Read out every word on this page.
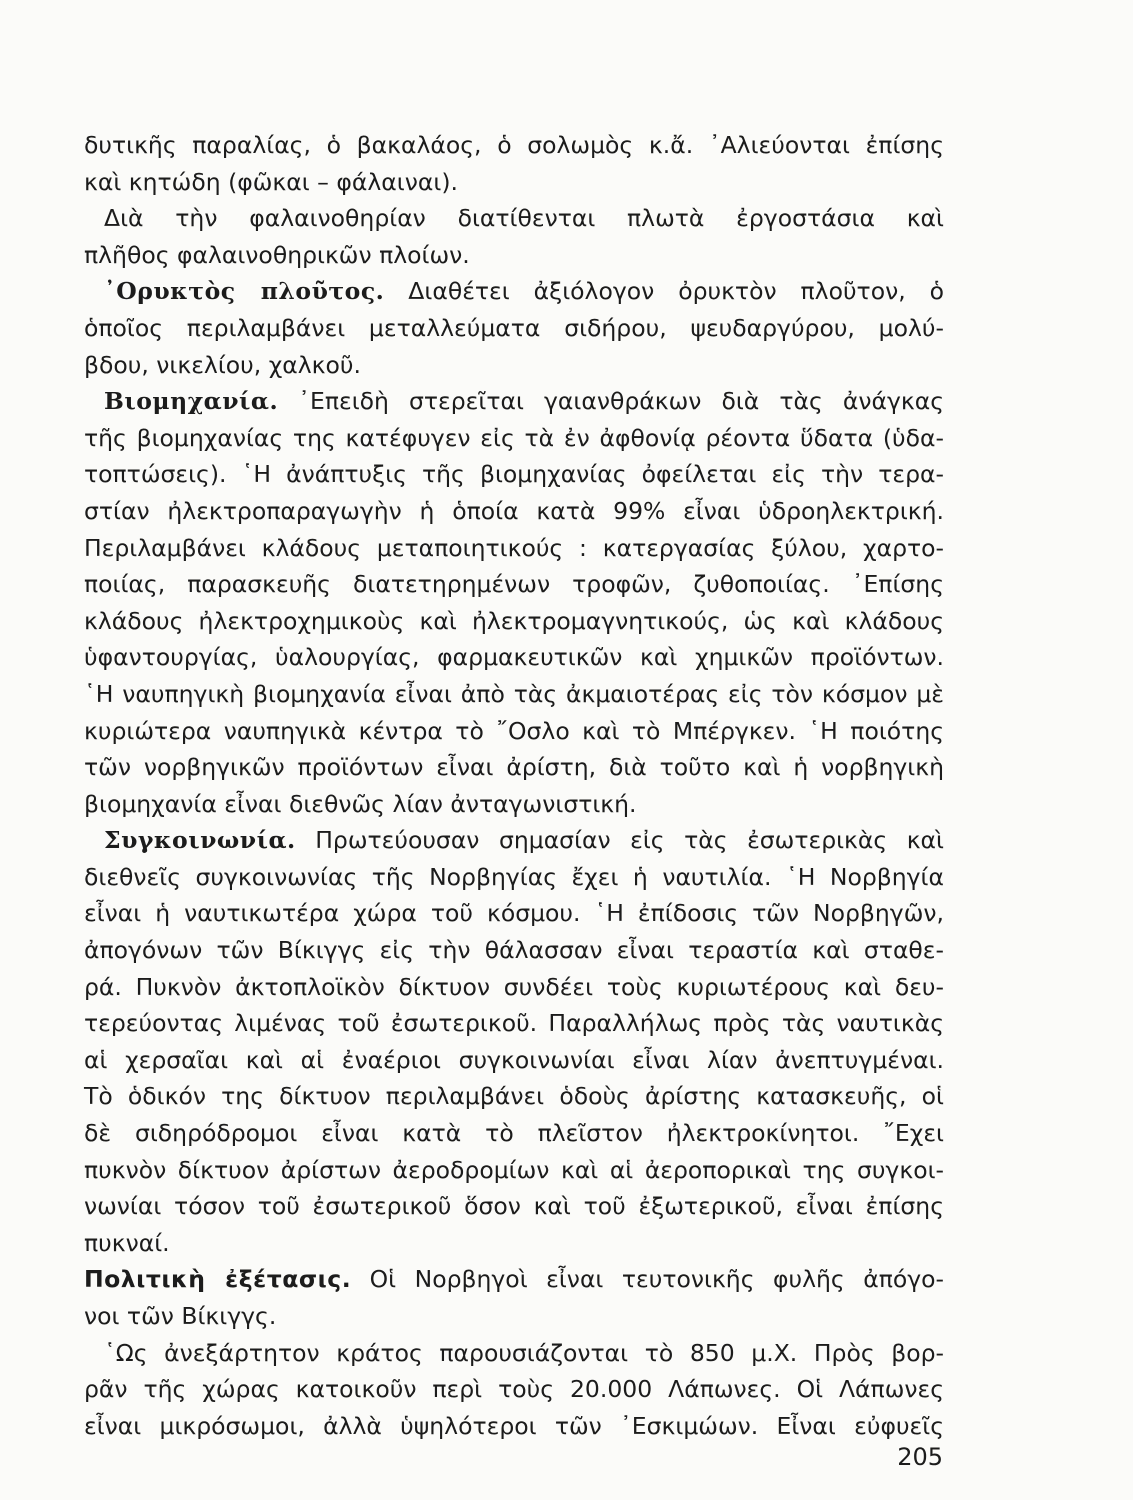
δυτικῆς παραλίας, ὁ βακαλάος, ὁ σολωμὸς κ.ἄ. ᾿Αλιεύονται ἐπίσης

καὶ κητώδη (φῶκαι – φάλαιναι).

Διὰ τὴν φαλαινοθηρίαν διατίθενται πλωτὰ ἐργοστάσια καὶ

πλῆθος φαλαινοθηρικῶν πλοίων.

᾿Ορυκτὸς πλοῦτος. Διαθέτει ἀξιόλογον ὀρυκτὸν πλοῦτον, ὁ

ὁποῖος περιλαμβάνει μεταλλεύματα σιδήρου, ψευδαργύρου, μολύ-

βδου, νικελίου, χαλκοῦ.

Βιομηχανία. ᾿Επειδὴ στερεῖται γαιανθράκων διὰ τὰς ἀνάγκας

τῆς βιομηχανίας της κατέφυγεν εἰς τὰ ἐν ἀφθονίᾳ ρέοντα ὕδατα (ὑδα-

τοπτώσεις). ῾Η ἀνάπτυξις τῆς βιομηχανίας ὀφείλεται εἰς τὴν τερα-

στίαν ἠλεκτροπαραγωγὴν ἡ ὁποία κατὰ 99% εἶναι ὑδροηλεκτρική.

Περιλαμβάνει κλάδους μεταποιητικούς : κατεργασίας ξύλου, χαρτο-

ποιίας, παρασκευῆς διατετηρημένων τροφῶν, ζυθοποιίας. ᾿Επίσης

κλάδους ἠλεκτροχημικοὺς καὶ ἠλεκτρομαγνητικούς, ὡς καὶ κλάδους

ὑφαντουργίας, ὑαλουργίας, φαρμακευτικῶν καὶ χημικῶν προϊόντων.

῾Η ναυπηγικὴ βιομηχανία εἶναι ἀπὸ τὰς ἀκμαιοτέρας εἰς τὸν κόσμον μὲ

κυριώτερα ναυπηγικὰ κέντρα τὸ ῎Οσλο καὶ τὸ Μπέργκεν. ῾Η ποιότης

τῶν νορβηγικῶν προϊόντων εἶναι ἀρίστη, διὰ τοῦτο καὶ ἡ νορβηγικὴ

βιομηχανία εἶναι διεθνῶς λίαν ἀνταγωνιστική.

Συγκοινωνία. Πρωτεύουσαν σημασίαν εἰς τὰς ἐσωτερικὰς καὶ

διεθνεῖς συγκοινωνίας τῆς Νορβηγίας ἔχει ἡ ναυτιλία. ῾Η Νορβηγία

εἶναι ἡ ναυτικωτέρα χώρα τοῦ κόσμου. ῾Η ἐπίδοσις τῶν Νορβηγῶν,

ἀπογόνων τῶν Βίκιγγς εἰς τὴν θάλασσαν εἶναι τεραστία καὶ σταθε-

ρά. Πυκνὸν ἀκτοπλοϊκὸν δίκτυον συνδέει τοὺς κυριωτέρους καὶ δευ-

τερεύοντας λιμένας τοῦ ἐσωτερικοῦ. Παραλλήλως πρὸς τὰς ναυτικὰς

αἱ χερσαῖαι καὶ αἱ ἐναέριοι συγκοινωνίαι εἶναι λίαν ἀνεπτυγμέναι.

Τὸ ὁδικόν της δίκτυον περιλαμβάνει ὁδοὺς ἀρίστης κατασκευῆς, οἱ

δὲ σιδηρόδρομοι εἶναι κατὰ τὸ πλεῖστον ἠλεκτροκίνητοι. ῎Εχει

πυκνὸν δίκτυον ἀρίστων ἀεροδρομίων καὶ αἱ ἀεροπορικαὶ της συγκοι-

νωνίαι τόσον τοῦ ἐσωτερικοῦ ὅσον καὶ τοῦ ἐξωτερικοῦ, εἶναι ἐπίσης

πυκναί.

Πολιτικὴ ἐξέτασις. Οἱ Νορβηγοὶ εἶναι τευτονικῆς φυλῆς ἀπόγο-

νοι τῶν Βίκιγγς.

῾Ως ἀνεξάρτητον κράτος παρουσιάζονται τὸ 850 μ.Χ. Πρὸς βορ-

ρᾶν τῆς χώρας κατοικοῦν περὶ τοὺς 20.000 Λάπωνες. Οἱ Λάπωνες

εἶναι μικρόσωμοι, ἀλλὰ ὑψηλότεροι τῶν ᾿Εσκιμώων. Εἶναι εὐφυεῖς

205
